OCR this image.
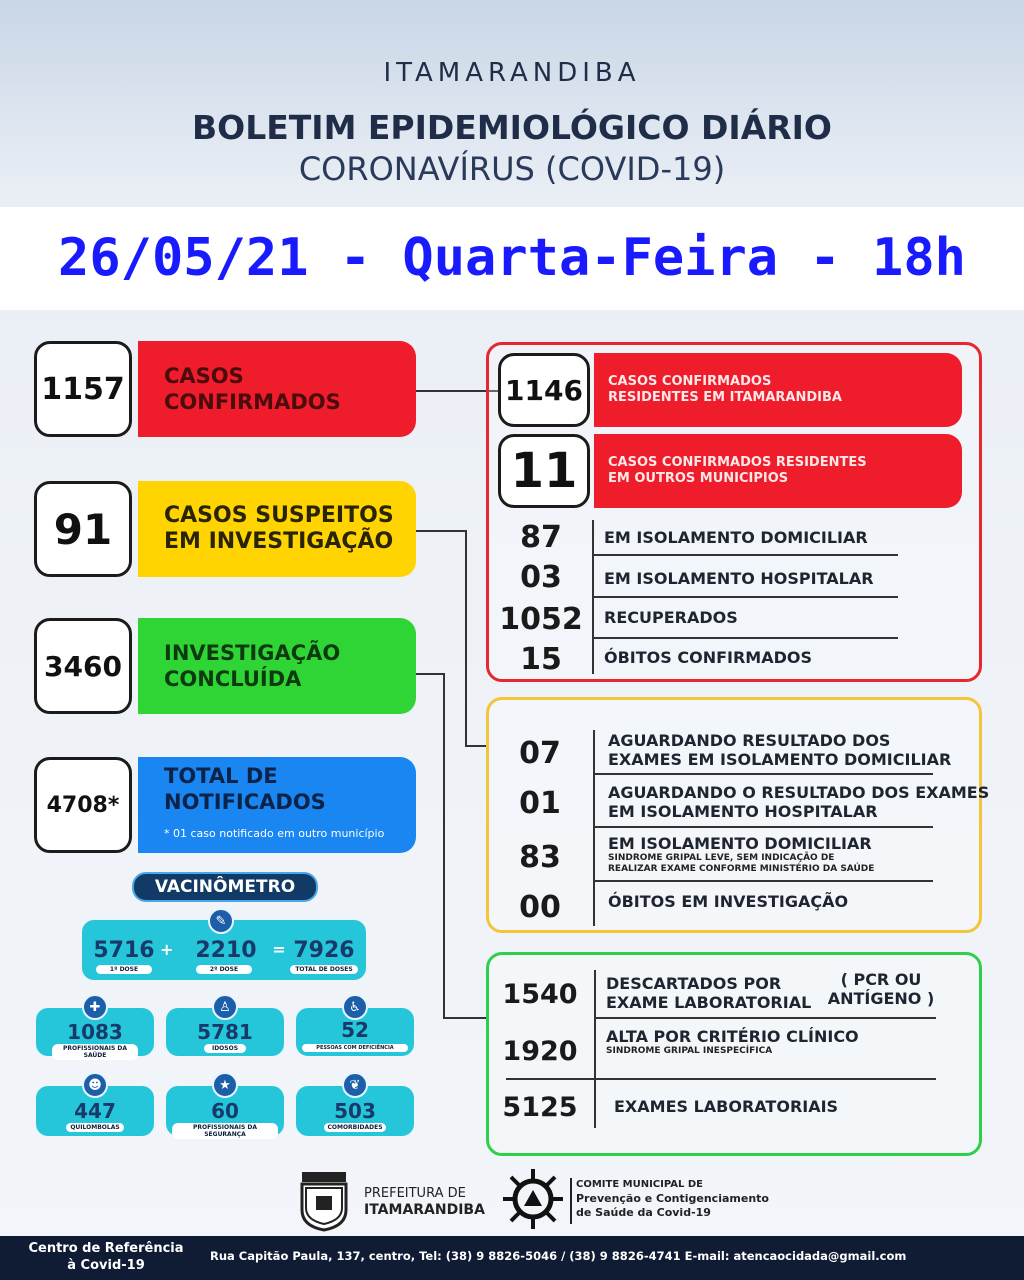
ITAMARANDIBA
BOLETIM EPIDEMIOLÓGICO DIÁRIO
CORONAVÍRUS (COVID-19)
26/05/21 - Quarta-Feira - 18h
1157	CASOS
CONFIRMADOS
91	CASOS SUSPEITOS
EM INVESTIGAÇÃO
3460	INVESTIGAÇÃO
CONCLUÍDA
4708*
TOTAL DE
NOTIFICADOS
* 01 caso notificado em outro município
1146	CASOS CONFIRMADOS
RESIDENTES EM ITAMARANDIBA
11	CASOS CONFIRMADOS RESIDENTES
EM OUTROS MUNICIPIOS
87	EM ISOLAMENTO DOMICILIAR
03	EM ISOLAMENTO HOSPITALAR
1052	RECUPERADOS
15	ÓBITOS CONFIRMADOS
07	AGUARDANDO RESULTADO DOS
EXAMES EM ISOLAMENTO DOMICILIAR
01	AGUARDANDO O RESULTADO DOS EXAMES
EM ISOLAMENTO HOSPITALAR
83	EM ISOLAMENTO DOMICILIAR
SINDROME GRIPAL LEVE, SEM INDICAÇÃO DE
REALIZAR EXAME CONFORME MINISTÉRIO DA SAÚDE
00	ÓBITOS EM INVESTIGAÇÃO
1540	DESCARTADOS POR
EXAME LABORATORIAL
( PCR OU
ANTÍGENO )
1920	ALTA POR CRITÉRIO CLÍNICO
SINDROME GRIPAL INESPECÍFICA
5125	EXAMES LABORATORIAIS
VACINÔMETRO
✎
5716
1º DOSE
+ 2210
2º DOSE
= 7926
TOTAL DE DOSES
✚
1083
PROFISSIONAIS DA SAÚDE
♙
5781
IDOSOS
♿
52
PESSOAS COM DEFICIÊNCIA
☻
447
QUILOMBOLAS
★
60
PROFISSIONAIS DA SEGURANÇA
❦
503
COMORBIDADES
PREFEITURA DE
ITAMARANDIBA
COMITE MUNICIPAL DE
Prevenção e Contigenciamento
de Saúde da Covid-19
Centro de Referência
à Covid-19
Rua Capitão Paula, 137, centro, Tel: (38) 9 8826-5046 / (38) 9 8826-4741 E-mail: atencaocidada@gmail.com
